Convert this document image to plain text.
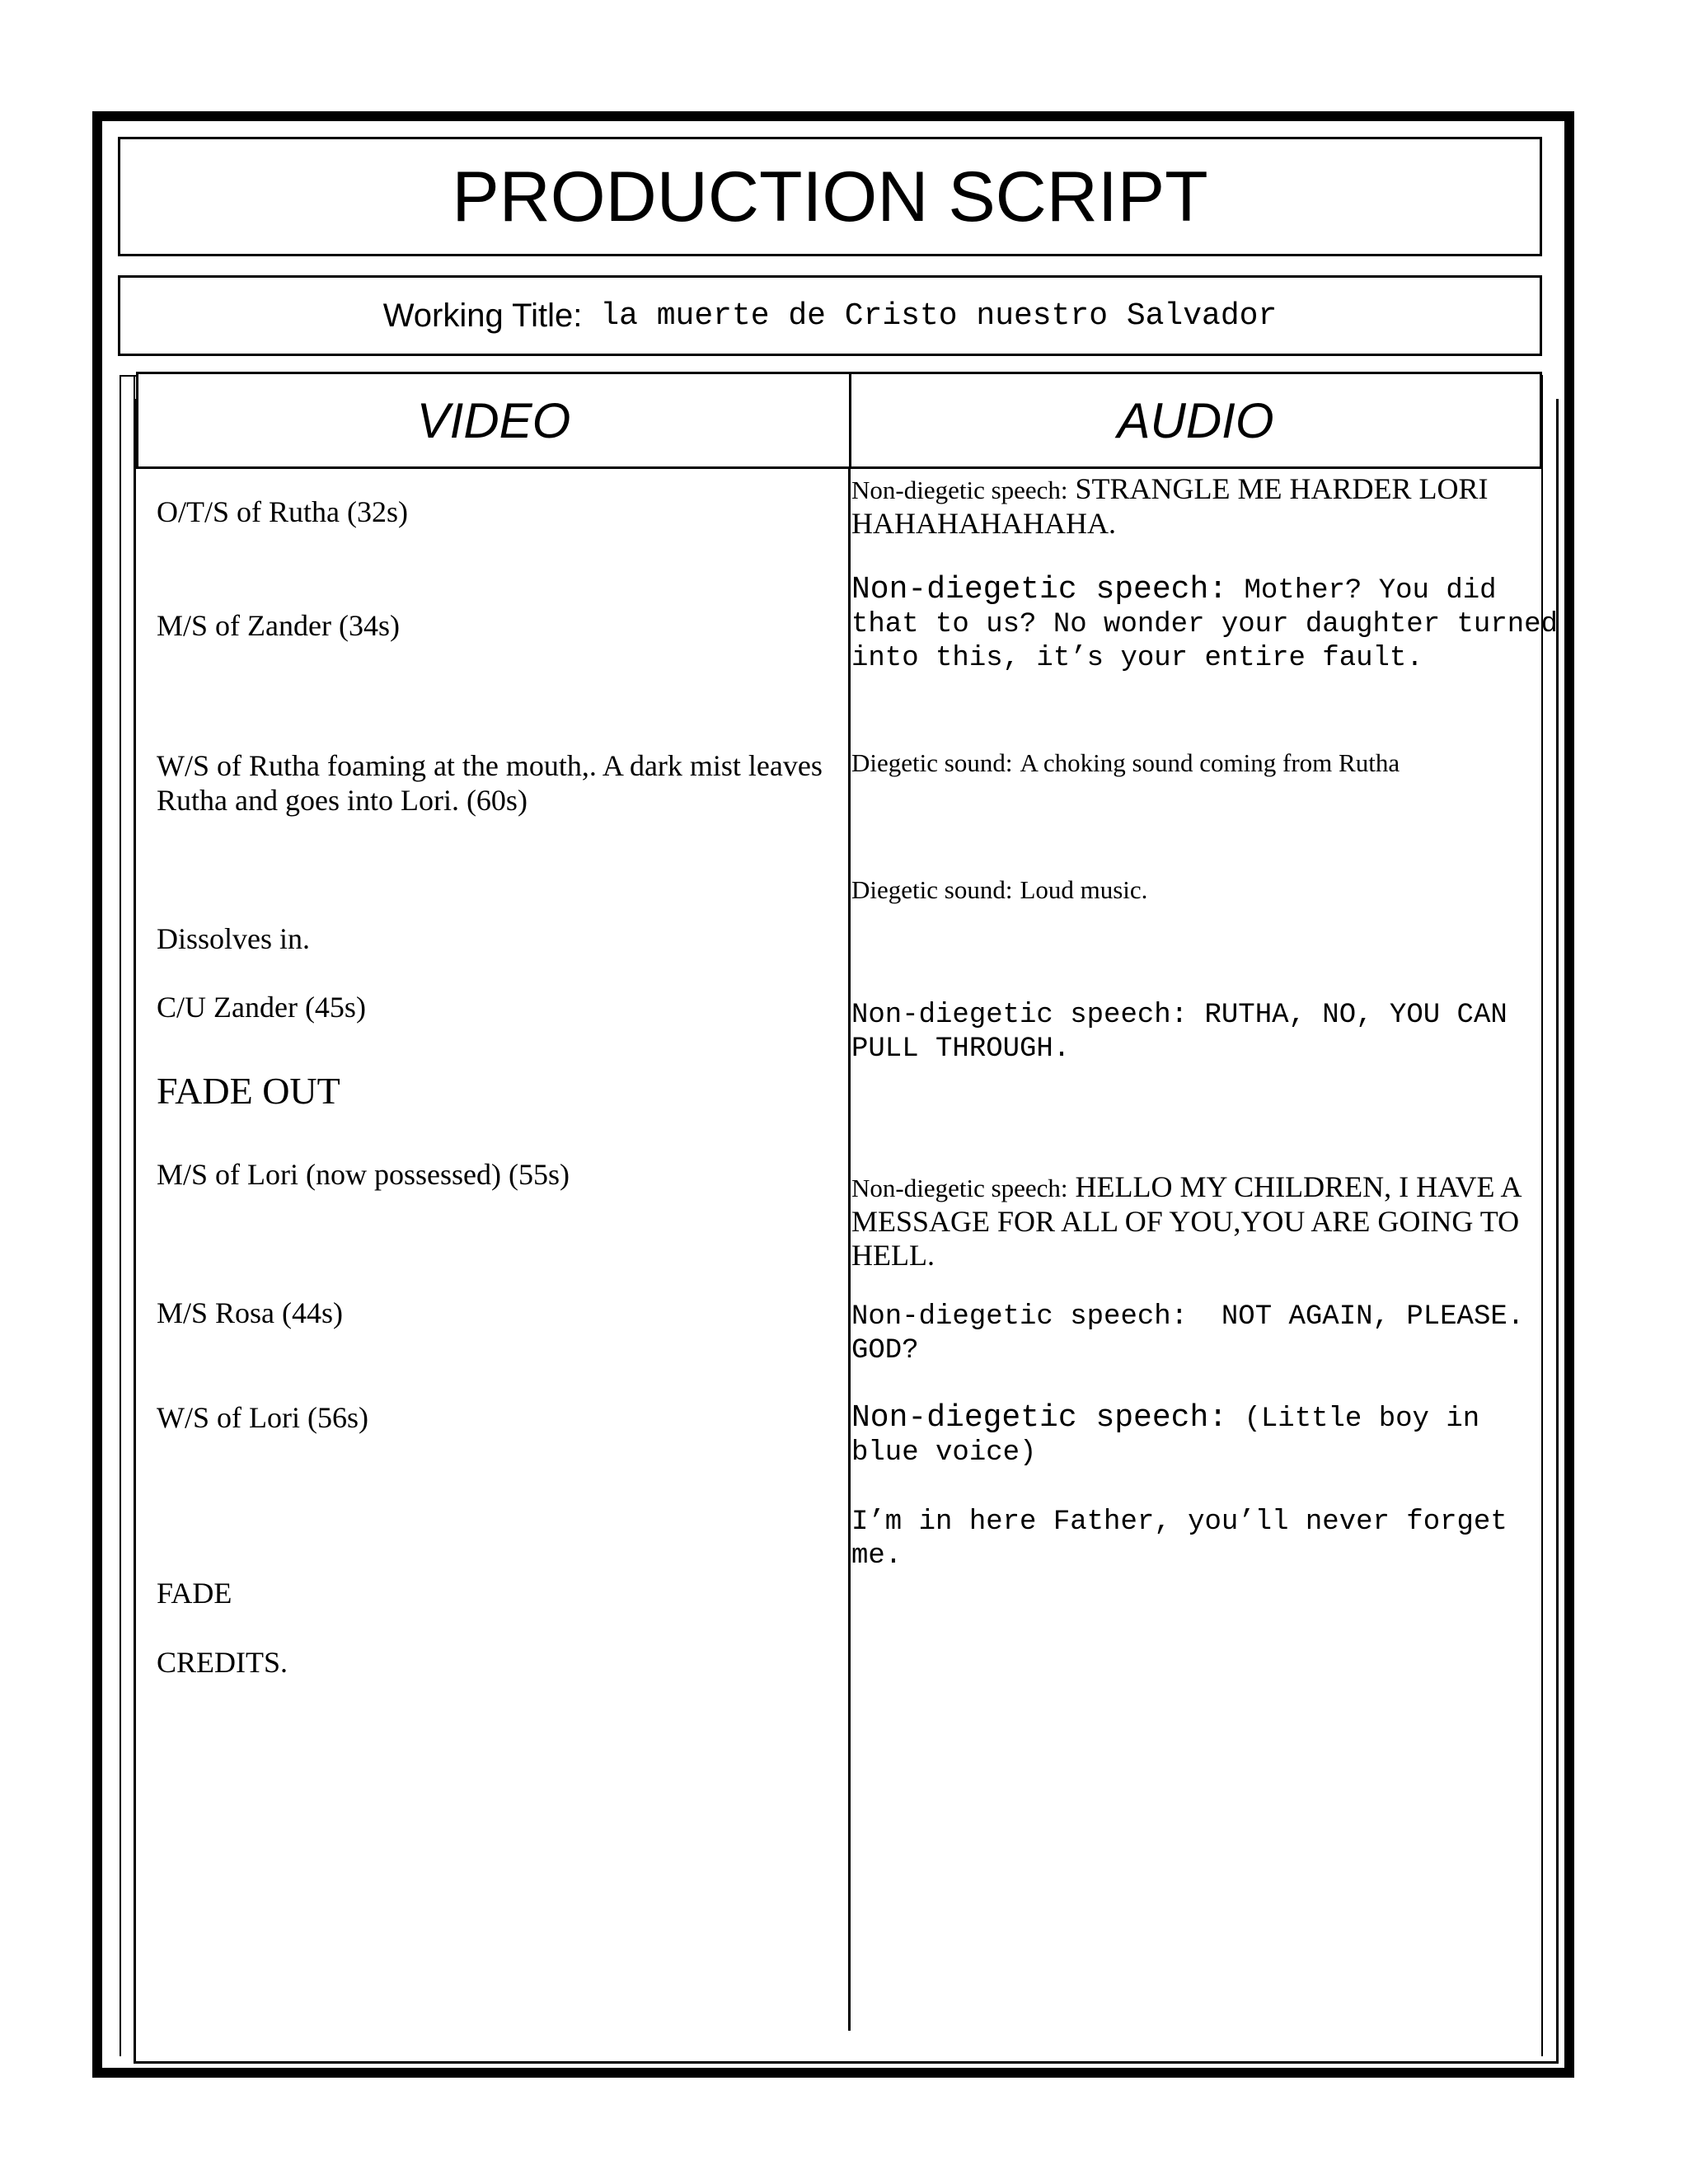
PRODUCTION SCRIPT
Working Title: la muerte de Cristo nuestro Salvador
VIDEO	AUDIO
O/T/S of Rutha (32s)
M/S of Zander (34s)
W/S of Rutha foaming at the mouth,. A dark mist leaves Rutha and goes into Lori. (60s)
Dissolves in.
C/U Zander (45s)
FADE OUT
M/S of Lori (now possessed) (55s)
M/S Rosa (44s)
W/S of Lori (56s)
FADE
CREDITS.
Non-diegetic speech: STRANGLE ME HARDER LORI HAHAHAHAHAHA.
Non-diegetic speech: Mother? You did that to us? No wonder your daughter turned into this, it’s your entire fault.
Diegetic sound: A choking sound coming from Rutha
Diegetic sound: Loud music.
Non-diegetic speech: RUTHA, NO, YOU CAN PULL THROUGH.
Non-diegetic speech: HELLO MY CHILDREN, I HAVE A MESSAGE FOR ALL OF YOU,YOU ARE GOING TO HELL.
Non-diegetic speech: NOT AGAIN, PLEASE. GOD?
Non-diegetic speech: (Little boy in blue voice)
I’m in here Father, you’ll never forget me.
